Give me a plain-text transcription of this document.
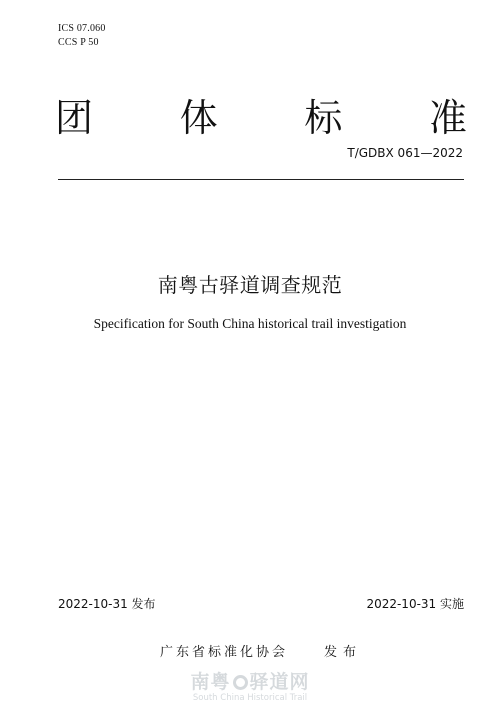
ICS 07.060
CCS P 50
团 体 标 准
T/GDBX 061—2022
南粤古驿道调查规范
Specification for South China historical trail investigation
2022-10-31 发布	2022-10-31 实施
广东省标准化协会	发布
南粤 驿道网
South China Historical Trail
